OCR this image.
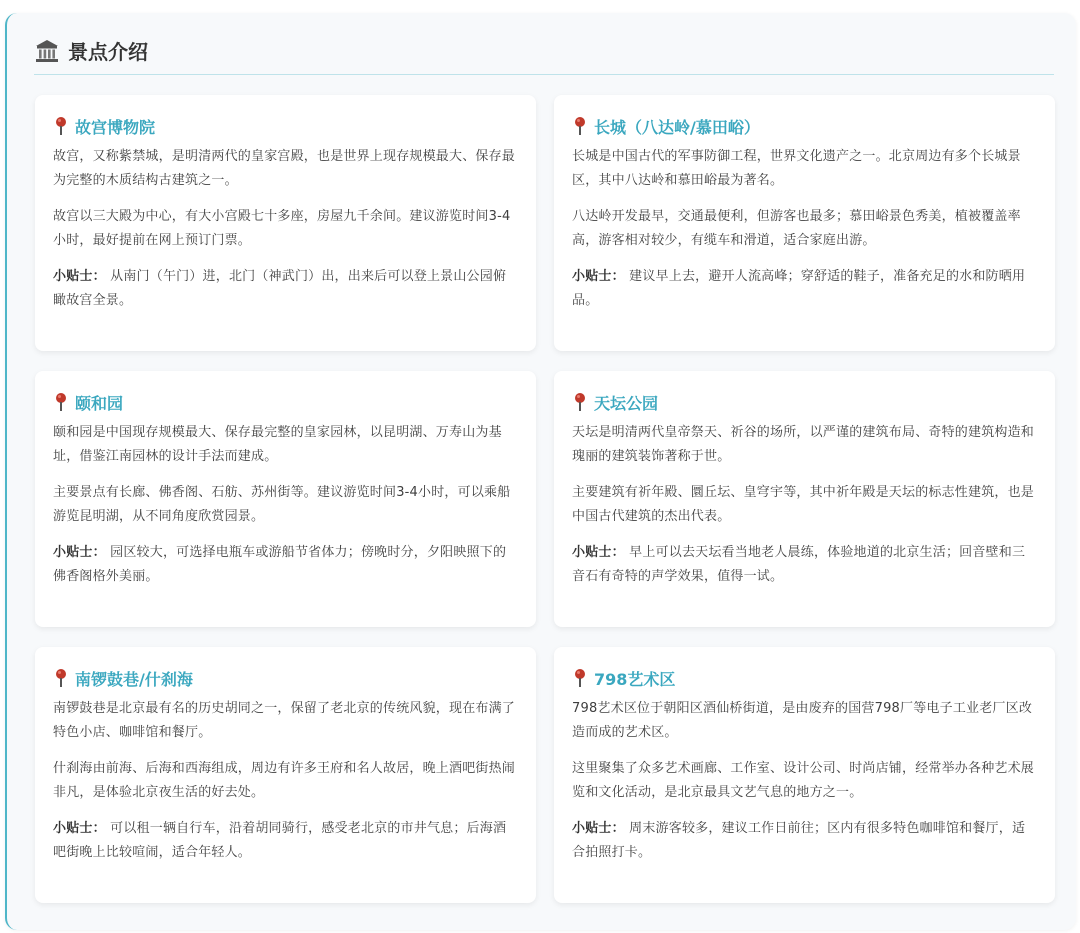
景点介绍
故宫博物院

故宫，又称紫禁城，是明清两代的皇家宫殿，也是世界上现存规模最大、保存最为完整的木质结构古建筑之一。

故宫以三大殿为中心，有大小宫殿七十多座，房屋九千余间。建议游览时间3-4小时，最好提前在网上预订门票。

小贴士： 从南门（午门）进，北门（神武门）出，出来后可以登上景山公园俯瞰故宫全景。

长城（八达岭/慕田峪）

长城是中国古代的军事防御工程，世界文化遗产之一。北京周边有多个长城景区，其中八达岭和慕田峪最为著名。

八达岭开发最早，交通最便利，但游客也最多；慕田峪景色秀美，植被覆盖率高，游客相对较少，有缆车和滑道，适合家庭出游。

小贴士： 建议早上去，避开人流高峰；穿舒适的鞋子，准备充足的水和防晒用品。

颐和园

颐和园是中国现存规模最大、保存最完整的皇家园林，以昆明湖、万寿山为基址，借鉴江南园林的设计手法而建成。

主要景点有长廊、佛香阁、石舫、苏州街等。建议游览时间3-4小时，可以乘船游览昆明湖，从不同角度欣赏园景。

小贴士： 园区较大，可选择电瓶车或游船节省体力；傍晚时分，夕阳映照下的佛香阁格外美丽。

天坛公园

天坛是明清两代皇帝祭天、祈谷的场所，以严谨的建筑布局、奇特的建筑构造和瑰丽的建筑装饰著称于世。

主要建筑有祈年殿、圜丘坛、皇穹宇等，其中祈年殿是天坛的标志性建筑，也是中国古代建筑的杰出代表。

小贴士： 早上可以去天坛看当地老人晨练，体验地道的北京生活；回音壁和三音石有奇特的声学效果，值得一试。

南锣鼓巷/什刹海

南锣鼓巷是北京最有名的历史胡同之一，保留了老北京的传统风貌，现在布满了特色小店、咖啡馆和餐厅。

什刹海由前海、后海和西海组成，周边有许多王府和名人故居，晚上酒吧街热闹非凡，是体验北京夜生活的好去处。

小贴士： 可以租一辆自行车，沿着胡同骑行，感受老北京的市井气息；后海酒吧街晚上比较喧闹，适合年轻人。

798艺术区

798艺术区位于朝阳区酒仙桥街道，是由废弃的国营798厂等电子工业老厂区改造而成的艺术区。

这里聚集了众多艺术画廊、工作室、设计公司、时尚店铺，经常举办各种艺术展览和文化活动，是北京最具文艺气息的地方之一。

小贴士： 周末游客较多，建议工作日前往；区内有很多特色咖啡馆和餐厅，适合拍照打卡。
